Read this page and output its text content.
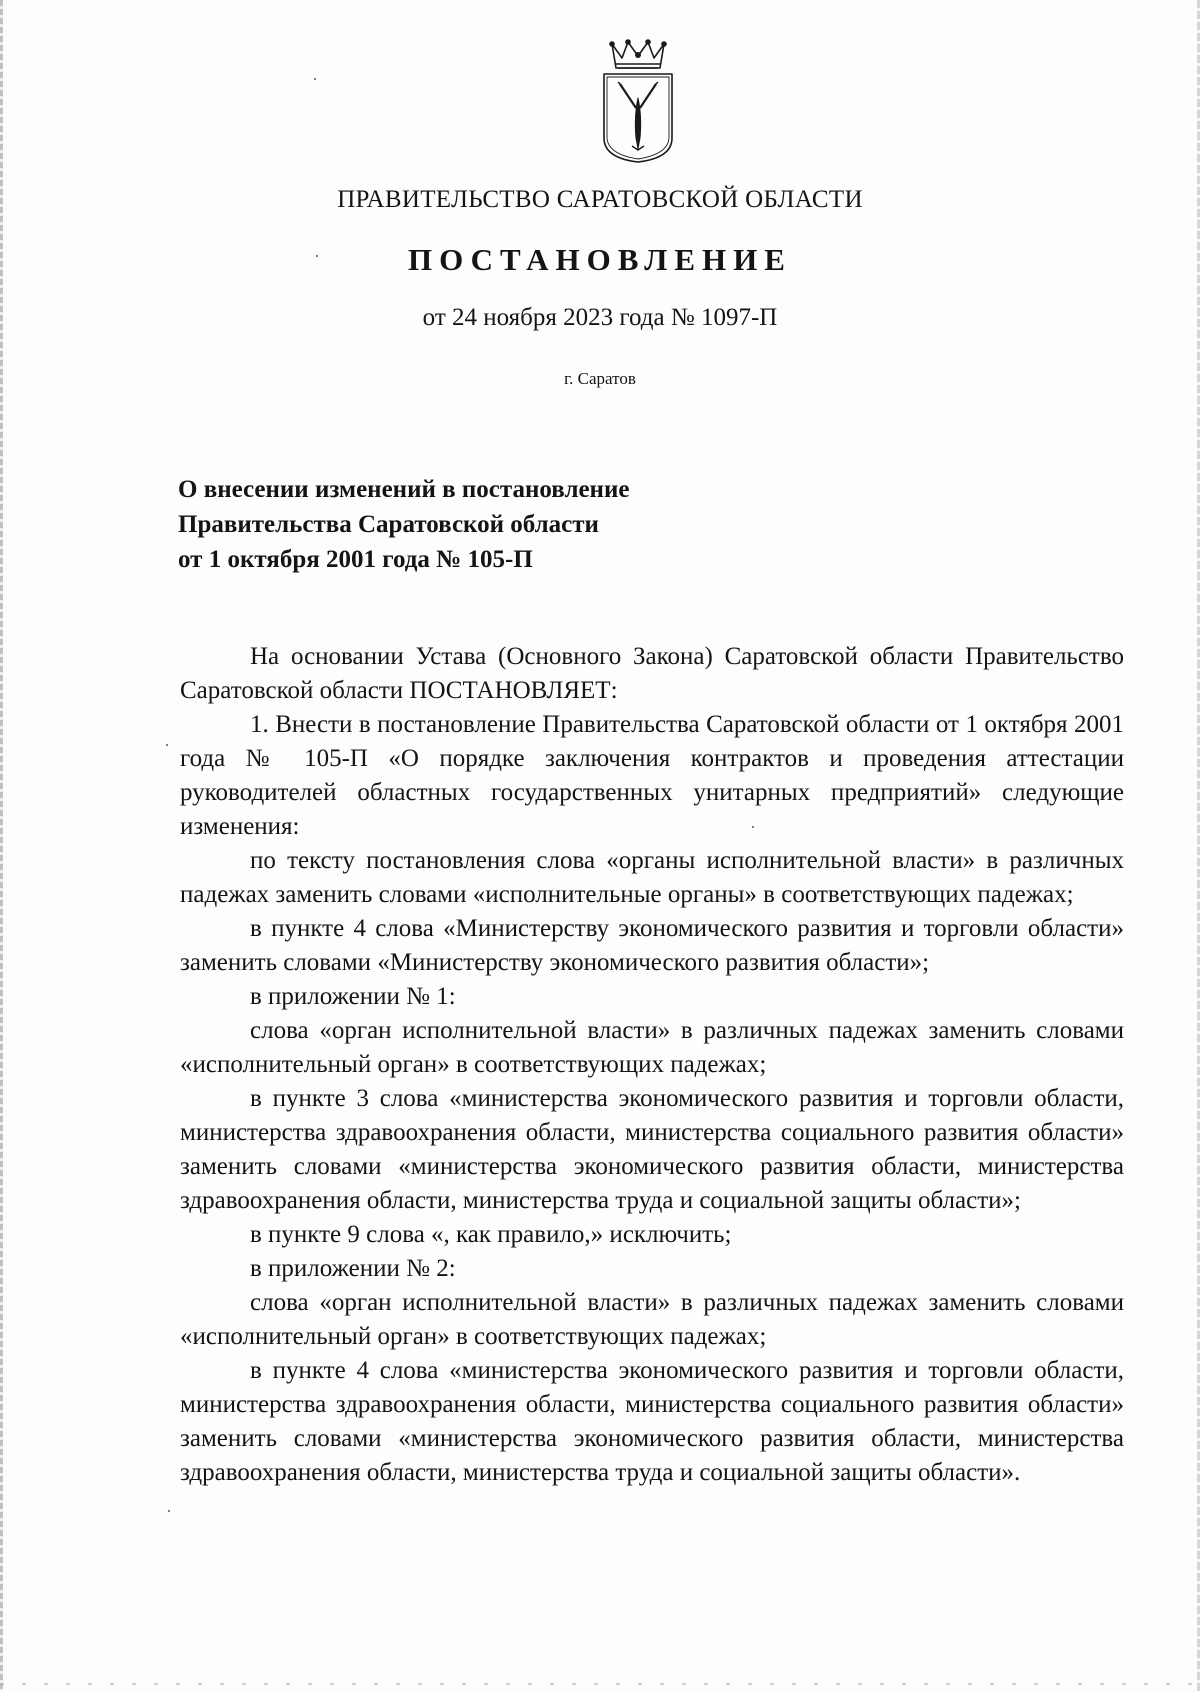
ПРАВИТЕЛЬСТВО САРАТОВСКОЙ ОБЛАСТИ
ПОСТАНОВЛЕНИЕ
от 24 ноября 2023 года № 1097-П
г. Саратов
О внесении изменений в постановление
Правительства Саратовской области
от 1 октября 2001 года № 105-П

На основании Устава (Основного Закона) Саратовской области Правительство Саратовской области ПОСТАНОВЛЯЕТ:

1. Внести в постановление Правительства Саратовской области от 1 октября 2001 года № 105-П «О порядке заключения контрактов и проведения аттестации руководителей областных государственных унитарных предприятий» следующие изменения:

по тексту постановления слова «органы исполнительной власти» в различных падежах заменить словами «исполнительные органы» в соответствующих падежах;

в пункте 4 слова «Министерству экономического развития и торговли области» заменить словами «Министерству экономического развития области»;

в приложении № 1:

слова «орган исполнительной власти» в различных падежах заменить словами «исполнительный орган» в соответствующих падежах;

в пункте 3 слова «министерства экономического развития и торговли области, министерства здравоохранения области, министерства социального развития области» заменить словами «министерства экономического развития области, министерства здравоохранения области, министерства труда и социальной защиты области»;

в пункте 9 слова «, как правило,» исключить;

в приложении № 2:

слова «орган исполнительной власти» в различных падежах заменить словами «исполнительный орган» в соответствующих падежах;

в пункте 4 слова «министерства экономического развития и торговли области, министерства здравоохранения области, министерства социального развития области» заменить словами «министерства экономического развития области, министерства здравоохранения области, министерства труда и социальной защиты области».
